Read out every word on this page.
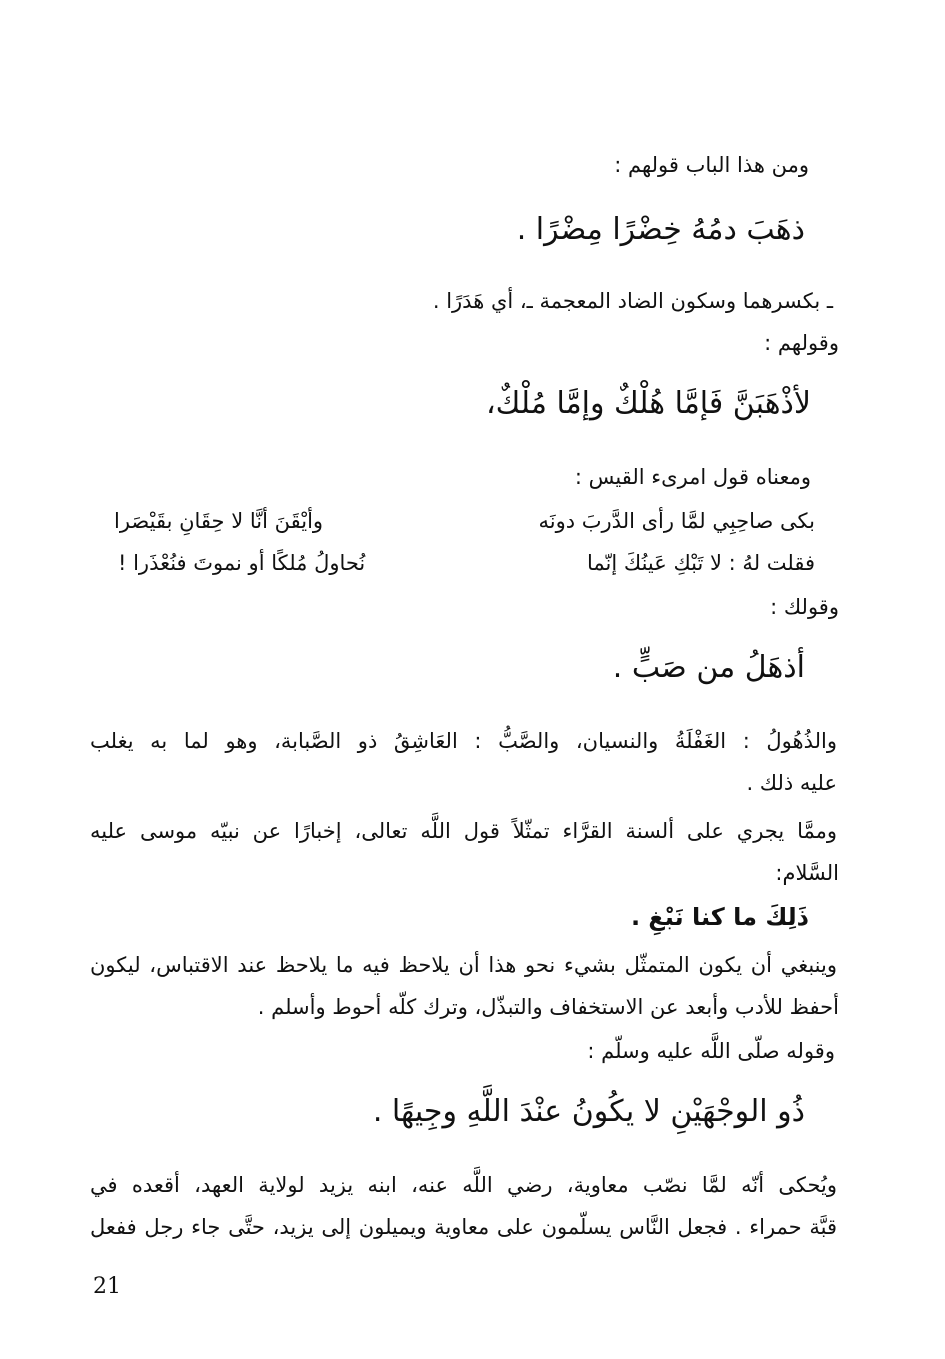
ومن هذا الباب قولهم :

ذهَبَ دمُهُ خِضْرًا مِضْرًا .

ـ بكسرهما وسكون الضاد المعجمة ـ، أي هَدَرًا .

وقولهم :

لأذْهَبَنَّ فَإمَّا هُلْكٌ وإمَّا مُلْكٌ،

ومعناه قول امرىء القيس :

بكى صاحِبِي لمَّا رأى الدَّربَ دونَه
وأيْقَنَ أنَّا لا حِقَانِ بقَيْصَرا
فقلت لهُ : لا تَبْكِ عَينُكَ إنّما
نُحاولُ مُلكًا أو نموتَ فنُعْذَرا !

وقولك :

أذهَلُ من صَبٍّ .

والذُهُولُ : الغَفْلَةُ والنسيان، والصَّبُّ : العَاشِقُ ذو الصَّبابة، وهو لما به يغلب

عليه ذلك .

وممَّا يجري على ألسنة القرَّاء تمثّلاً قول اللَّه تعالى، إخبارًا عن نبيّه موسى عليه

السَّلام:

ذَلِكَ ما كنا نَبْغِ .

وينبغي أن يكون المتمثّل بشيء نحو هذا أن يلاحظ فيه ما يلاحظ عند الاقتباس، ليكون

أحفظ للأدب وأبعد عن الاستخفاف والتبذّل، وترك كلّه أحوط وأسلم .

وقوله صلّى اللَّه عليه وسلّم :

ذُو الوجْهَيْنِ لا يكُونُ عنْدَ اللَّهِ وجِيهًا .

ويُحكى أنّه لمَّا نصّب معاوية، رضي اللَّه عنه، ابنه يزيد لولاية العهد، أقعده في

قبَّة حمراء . فجعل النَّاس يسلّمون على معاوية ويميلون إلى يزيد، حتَّى جاء رجل ففعل

21
